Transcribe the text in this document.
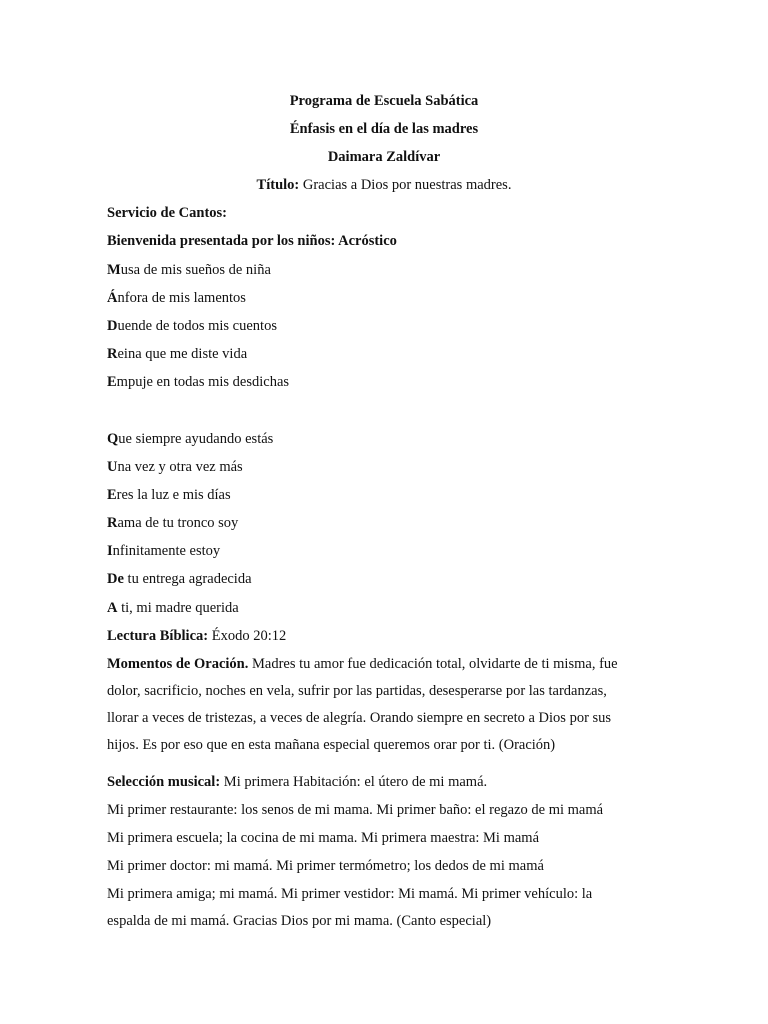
Programa de Escuela Sabática
Énfasis en el día de las madres
Daimara Zaldívar
Título: Gracias a Dios por nuestras madres.
Servicio de Cantos:
Bienvenida presentada por los niños: Acróstico
Musa de mis sueños de niña
Ánfora de mis lamentos
Duende de todos mis cuentos
Reina que me diste vida
Empuje en todas mis desdichas
Que siempre ayudando estás
Una vez y otra vez más
Eres la luz e mis días
Rama de tu tronco soy
Infinitamente estoy
De tu entrega agradecida
A ti, mi madre querida
Lectura Bíblica: Éxodo 20:12
Momentos de Oración. Madres tu amor fue dedicación total, olvidarte de ti misma, fue
dolor, sacrificio, noches en vela, sufrir por las partidas, desesperarse por las tardanzas,
llorar a veces de tristezas, a veces de alegría. Orando siempre en secreto a Dios por sus
hijos. Es por eso que en esta mañana especial queremos orar por ti. (Oración)
Selección musical: Mi primera Habitación: el útero de mi mamá.
Mi primer restaurante: los senos de mi mama. Mi primer baño: el regazo de mi mamá
Mi primera escuela; la cocina de mi mama. Mi primera maestra: Mi mamá
Mi primer doctor: mi mamá. Mi primer termómetro; los dedos de mi mamá
Mi primera amiga; mi mamá. Mi primer vestidor: Mi mamá. Mi primer vehículo: la
espalda de mi mamá. Gracias Dios por mi mama. (Canto especial)
